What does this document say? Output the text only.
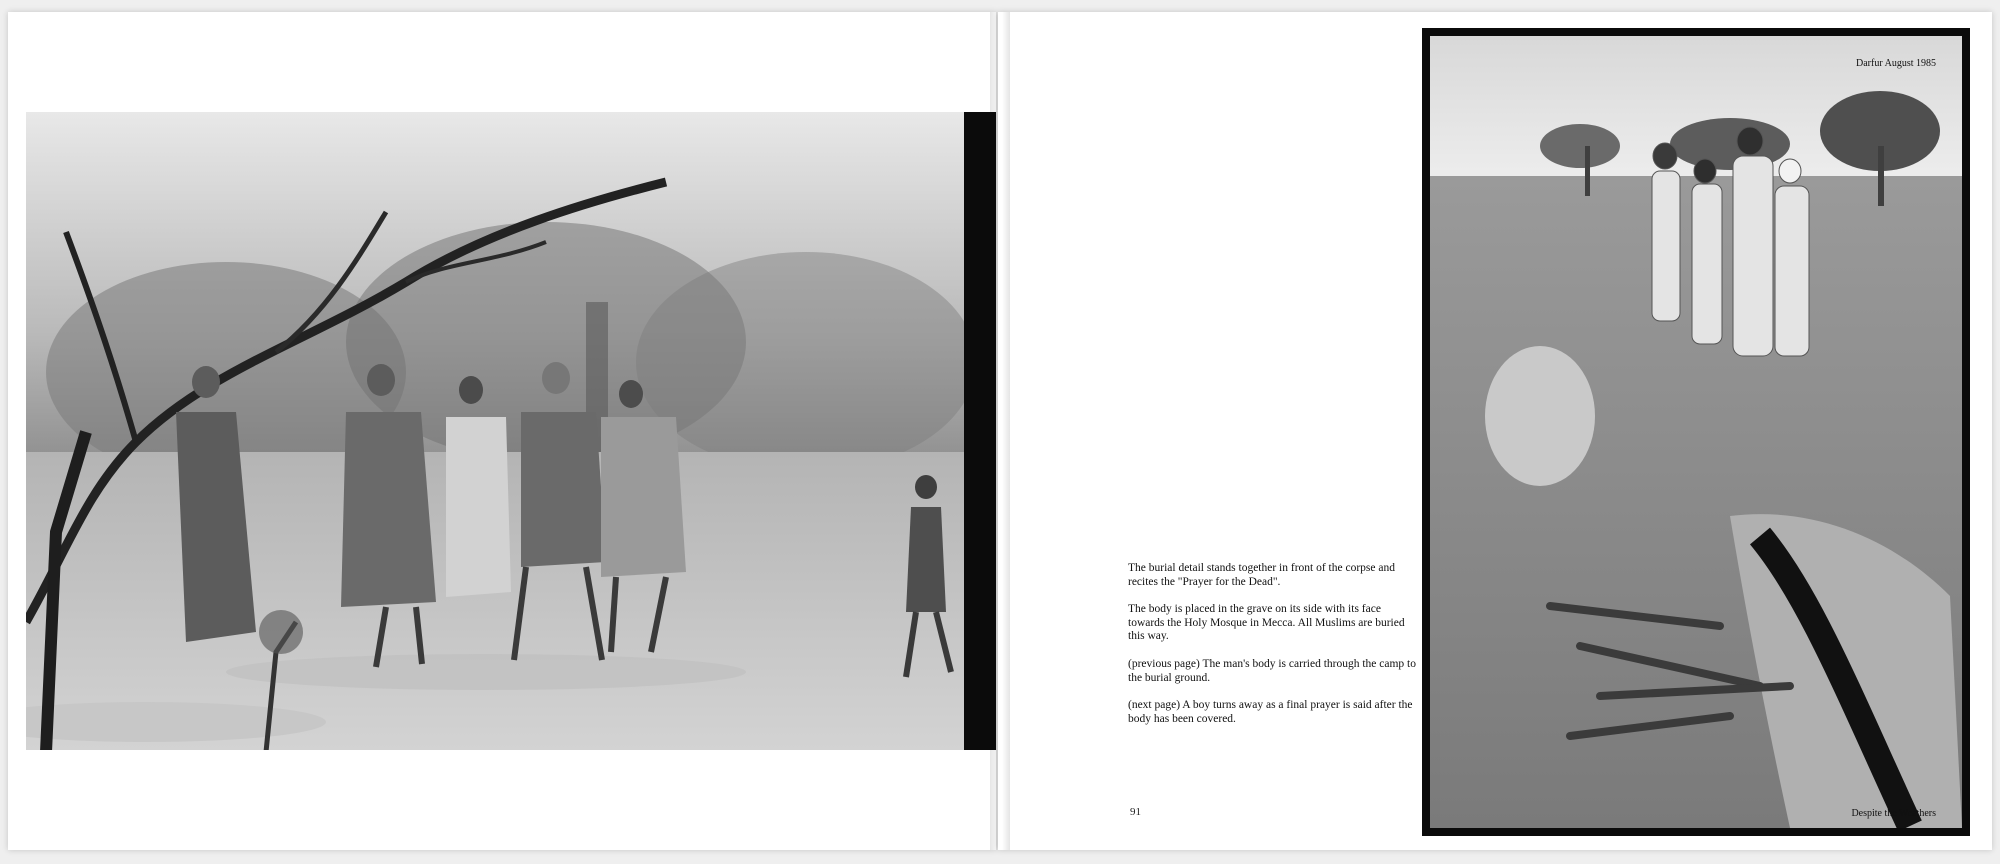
The burial detail stands together in front of the corpse and recites the "Prayer for the Dead".

The body is placed in the grave on its side with its face towards the Holy Mosque in Mecca. All Muslims are buried this way.

(previous page) The man's body is carried through the camp to the burial ground.

(next page) A boy turns away as a final prayer is said after the body has been covered.

91
Darfur August 1985
Despite the Weathers
